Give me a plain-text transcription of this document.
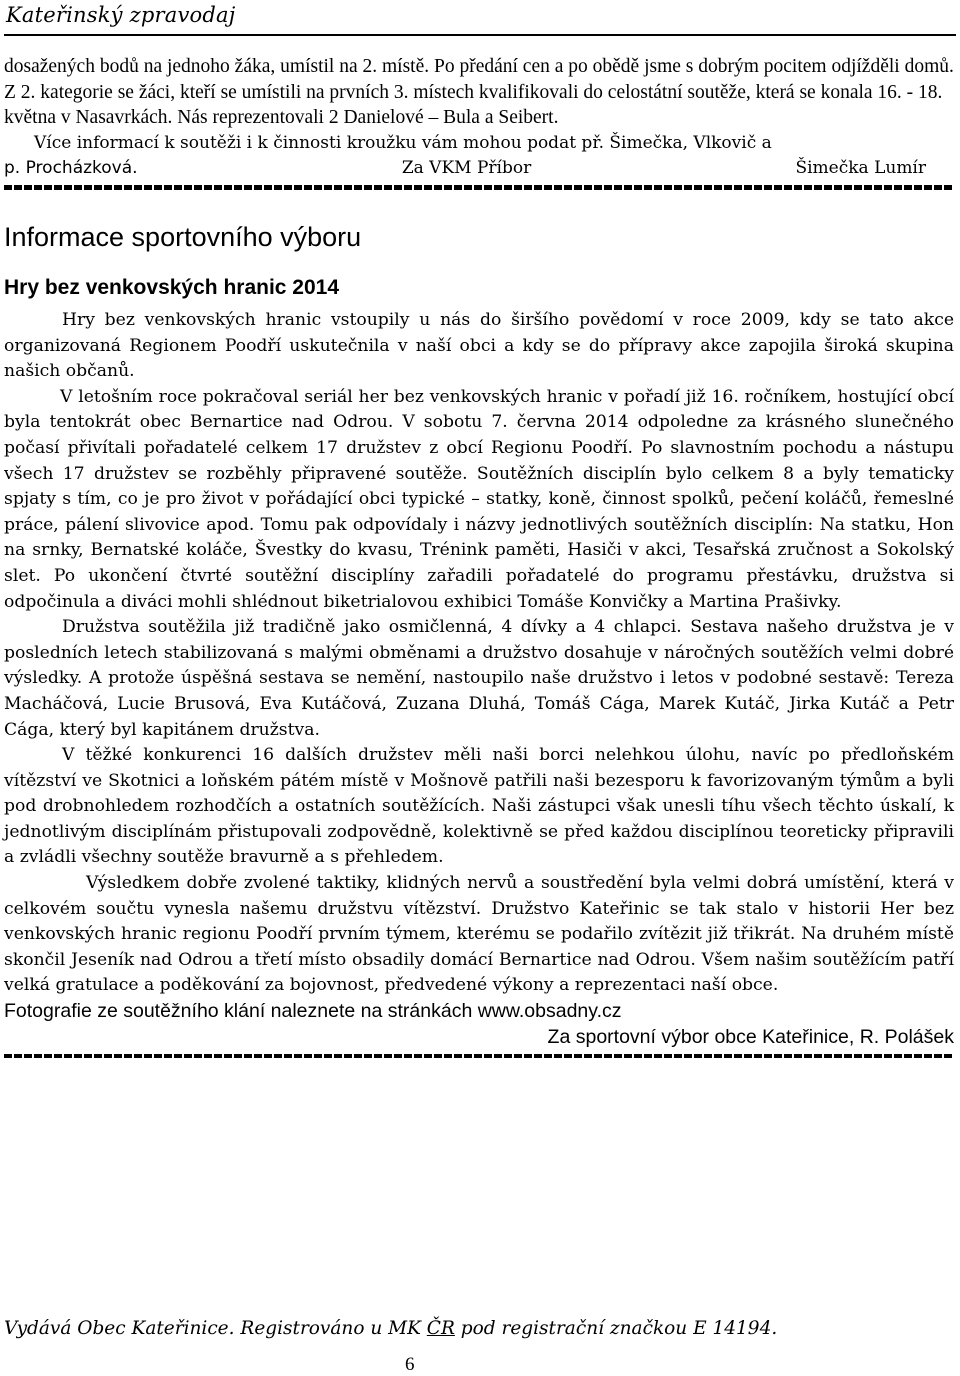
Kateřinský zpravodaj

dosažených bodů na jednoho žáka, umístil na 2. místě. Po předání cen a po obědě jsme s dobrým pocitem odjížděli domů.

Z 2. kategorie se žáci, kteří se umístili na prvních 3. místech kvalifikovali do celostátní soutěže, která se konala 16. - 18. května v Nasavrkách. Nás reprezentovali 2 Danielové – Bula a Seibert.

Více informací k soutěži i k činnosti kroužku vám mohou podat př. Šimečka, Vlkovič a

p. Procházková.	Za VKM Příbor	Šimečka Lumír
Informace sportovního výboru
Hry bez venkovských hranic 2014

Hry bez venkovských hranic vstoupily u nás do širšího povědomí v roce 2009, kdy se tato akce organizovaná Regionem Poodří uskutečnila v naší obci a kdy se do přípravy akce zapojila široká skupina našich občanů.

V letošním roce pokračoval seriál her bez venkovských hranic v pořadí již 16. ročníkem, hostující obcí byla tentokrát obec Bernartice nad Odrou. V sobotu 7. června 2014 odpoledne za krásného slunečného počasí přivítali pořadatelé celkem 17 družstev z obcí Regionu Poodří. Po slavnostním pochodu a nástupu všech 17 družstev se rozběhly připravené soutěže. Soutěžních disciplín bylo celkem 8 a byly tematicky spjaty s tím, co je pro život v pořádající obci typické – statky, koně, činnost spolků, pečení koláčů, řemeslné práce, pálení slivovice apod. Tomu pak odpovídaly i názvy jednotlivých soutěžních disciplín: Na statku, Hon na srnky, Bernatské koláče, Švestky do kvasu, Trénink paměti, Hasiči v akci, Tesařská zručnost a Sokolský slet. Po ukončení čtvrté soutěžní disciplíny zařadili pořadatelé do programu přestávku, družstva si odpočinula a diváci mohli shlédnout biketrialovou exhibici Tomáše Konvičky a Martina Prašivky.

Družstva soutěžila již tradičně jako osmičlenná, 4 dívky a 4 chlapci. Sestava našeho družstva je v posledních letech stabilizovaná s malými obměnami a družstvo dosahuje v náročných soutěžích velmi dobré výsledky. A protože úspěšná sestava se nemění, nastoupilo naše družstvo i letos v podobné sestavě: Tereza Macháčová, Lucie Brusová, Eva Kutáčová, Zuzana Dluhá, Tomáš Cága, Marek Kutáč, Jirka Kutáč a Petr Cága, který byl kapitánem družstva.

V těžké konkurenci 16 dalších družstev měli naši borci nelehkou úlohu, navíc po předloňském vítězství ve Skotnici a loňském pátém místě v Mošnově patřili naši bezesporu k favorizovaným týmům a byli pod drobnohledem rozhodčích a ostatních soutěžících. Naši zástupci však unesli tíhu všech těchto úskalí, k jednotlivým disciplínám přistupovali zodpovědně, kolektivně se před každou disciplínou teoreticky připravili a zvládli všechny soutěže bravurně a s přehledem.

Výsledkem dobře zvolené taktiky, klidných nervů a soustředění byla velmi dobrá umístění, která v celkovém součtu vynesla našemu družstvu vítězství. Družstvo Kateřinic se tak stalo v historii Her bez venkovských hranic regionu Poodří prvním týmem, kterému se podařilo zvítězit již třikrát. Na druhém místě skončil Jeseník nad Odrou a třetí místo obsadily domácí Bernartice nad Odrou. Všem našim soutěžícím patří velká gratulace a poděkování za bojovnost, předvedené výkony a reprezentaci naší obce.

Fotografie ze soutěžního klání naleznete na stránkách www.obsadny.cz
Za sportovní výbor obce Kateřinice, R. Polášek
Vydává Obec Kateřinice. Registrováno u MK ČR pod registrační značkou E 14194.
6
